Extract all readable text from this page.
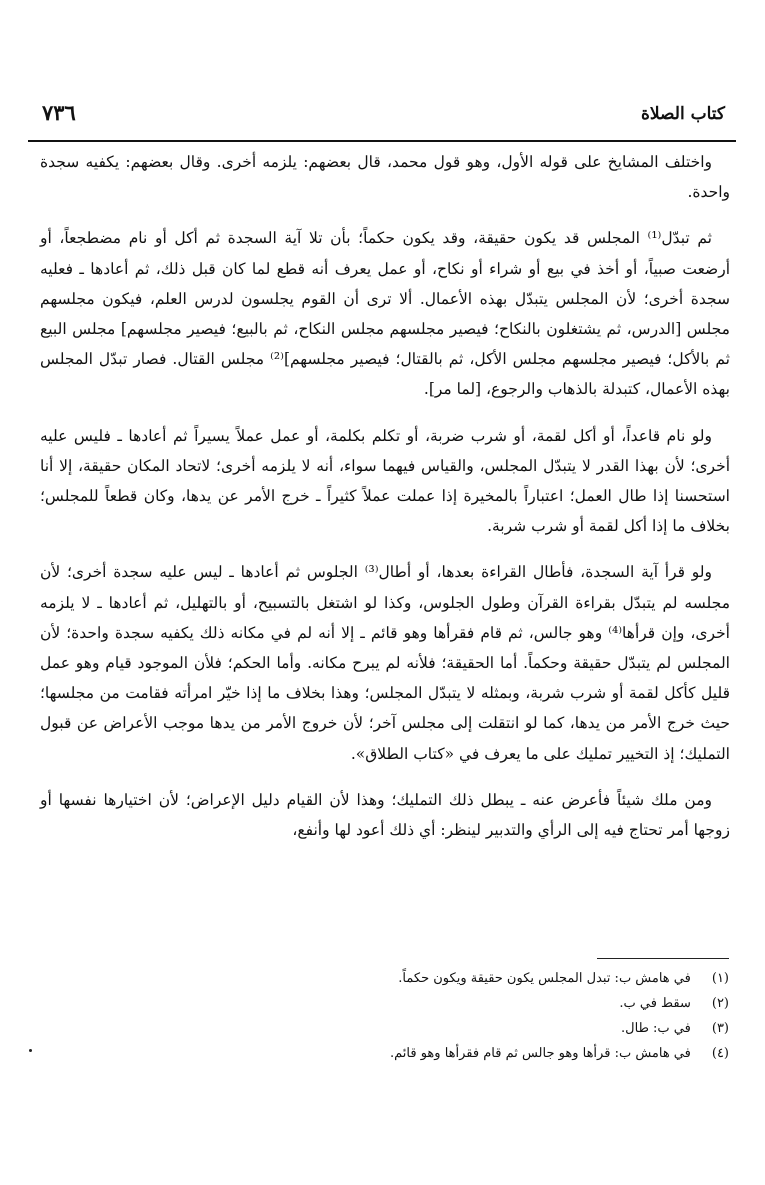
٧٣٦	كتاب الصلاة

واختلف المشايخ على قوله الأول، وهو قول محمد، قال بعضهم: يلزمه أخرى. وقال بعضهم: يكفيه سجدة واحدة.

ثم تبدّل⁽¹⁾ المجلس قد يكون حقيقة، وقد يكون حكماً؛ بأن تلا آية السجدة ثم أكل أو نام مضطجعاً، أو أرضعت صبياً، أو أخذ في بيع أو شراء أو نكاح، أو عمل يعرف أنه قطع لما كان قبل ذلك، ثم أعادها ـ فعليه سجدة أخرى؛ لأن المجلس يتبدّل بهذه الأعمال. ألا ترى أن القوم يجلسون لدرس العلم، فيكون مجلسهم مجلس [الدرس، ثم يشتغلون بالنكاح؛ فيصير مجلسهم مجلس النكاح، ثم بالبيع؛ فيصير مجلسهم] مجلس البيع ثم بالأكل؛ فيصير مجلسهم مجلس الأكل، ثم بالقتال؛ فيصير مجلسهم]⁽²⁾ مجلس القتال. فصار تبدّل المجلس بهذه الأعمال، كتبدلة بالذهاب والرجوع، [لما مر].

ولو نام قاعداً، أو أكل لقمة، أو شرب ضربة، أو تكلم بكلمة، أو عمل عملاً يسيراً ثم أعادها ـ فليس عليه أخرى؛ لأن بهذا القدر لا يتبدّل المجلس، والقياس فيهما سواء، أنه لا يلزمه أخرى؛ لاتحاد المكان حقيقة، إلا أنا استحسنا إذا طال العمل؛ اعتباراً بالمخيرة إذا عملت عملاً كثيراً ـ خرج الأمر عن يدها، وكان قطعاً للمجلس؛ بخلاف ما إذا أكل لقمة أو شرب شربة.

ولو قرأ آية السجدة، فأطال القراءة بعدها، أو أطال⁽³⁾ الجلوس ثم أعادها ـ ليس عليه سجدة أخرى؛ لأن مجلسه لم يتبدّل بقراءة القرآن وطول الجلوس، وكذا لو اشتغل بالتسبيح، أو بالتهليل، ثم أعادها ـ لا يلزمه أخرى، وإن قرأها⁽⁴⁾ وهو جالس، ثم قام فقرأها وهو قائم ـ إلا أنه لم في مكانه ذلك يكفيه سجدة واحدة؛ لأن المجلس لم يتبدّل حقيقة وحكماً. أما الحقيقة؛ فلأنه لم يبرح مكانه. وأما الحكم؛ فلأن الموجود قيام وهو عمل قليل كأكل لقمة أو شرب شربة، وبمثله لا يتبدّل المجلس؛ وهذا بخلاف ما إذا خيّر امرأته فقامت من مجلسها؛ حيث خرج الأمر من يدها، كما لو انتقلت إلى مجلس آخر؛ لأن خروج الأمر من يدها موجب الأعراض عن قبول التمليك؛ إذ التخيير تمليك على ما يعرف في «كتاب الطلاق».

ومن ملك شيئاً فأعرض عنه ـ يبطل ذلك التمليك؛ وهذا لأن القيام دليل الإعراض؛ لأن اختيارها نفسها أو زوجها أمر تحتاج فيه إلى الرأي والتدبير لينظر: أي ذلك أعود لها وأنفع،

(١) في هامش ب: تبدل المجلس يكون حقيقة ويكون حكماً.
(٢) سقط في ب.
(٣) في ب: طال.
(٤) في هامش ب: قرأها وهو جالس ثم قام فقرأها وهو قائم.
